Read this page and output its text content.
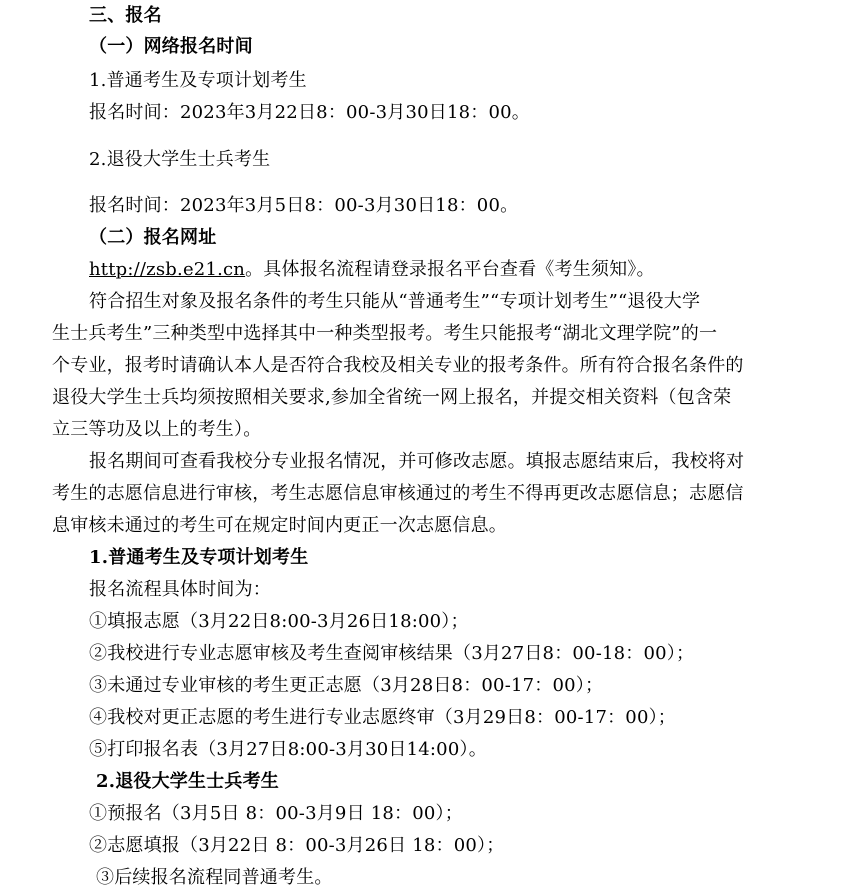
三、报名
（一）网络报名时间
1.普通考生及专项计划考生
报名时间：2023年3月22日8：00-3月30日18：00。
2.退役大学生士兵考生
报名时间：2023年3月5日8：00-3月30日18：00。
（二）报名网址
http://zsb.e21.cn。具体报名流程请登录报名平台查看《考生须知》。
符合招生对象及报名条件的考生只能从“普通考生”“专项计划考生”“退役大学
生士兵考生”三种类型中选择其中一种类型报考。考生只能报考“湖北文理学院”的一
个专业，报考时请确认本人是否符合我校及相关专业的报考条件。所有符合报名条件的
退役大学生士兵均须按照相关要求,参加全省统一网上报名，并提交相关资料（包含荣
立三等功及以上的考生）。
报名期间可查看我校分专业报名情况，并可修改志愿。填报志愿结束后，我校将对
考生的志愿信息进行审核，考生志愿信息审核通过的考生不得再更改志愿信息；志愿信
息审核未通过的考生可在规定时间内更正一次志愿信息。
1.普通考生及专项计划考生
报名流程具体时间为：
①填报志愿（3月22日8:00-3月26日18:00）；
②我校进行专业志愿审核及考生查阅审核结果（3月27日8：00-18：00）；
③未通过专业审核的考生更正志愿（3月28日8：00-17：00）；
④我校对更正志愿的考生进行专业志愿终审（3月29日8：00-17：00）；
⑤打印报名表（3月27日8:00-3月30日14:00）。
2.退役大学生士兵考生
①预报名（3月5日 8：00-3月9日 18：00）；
②志愿填报（3月22日 8：00-3月26日 18：00）；
③后续报名流程同普通考生。
